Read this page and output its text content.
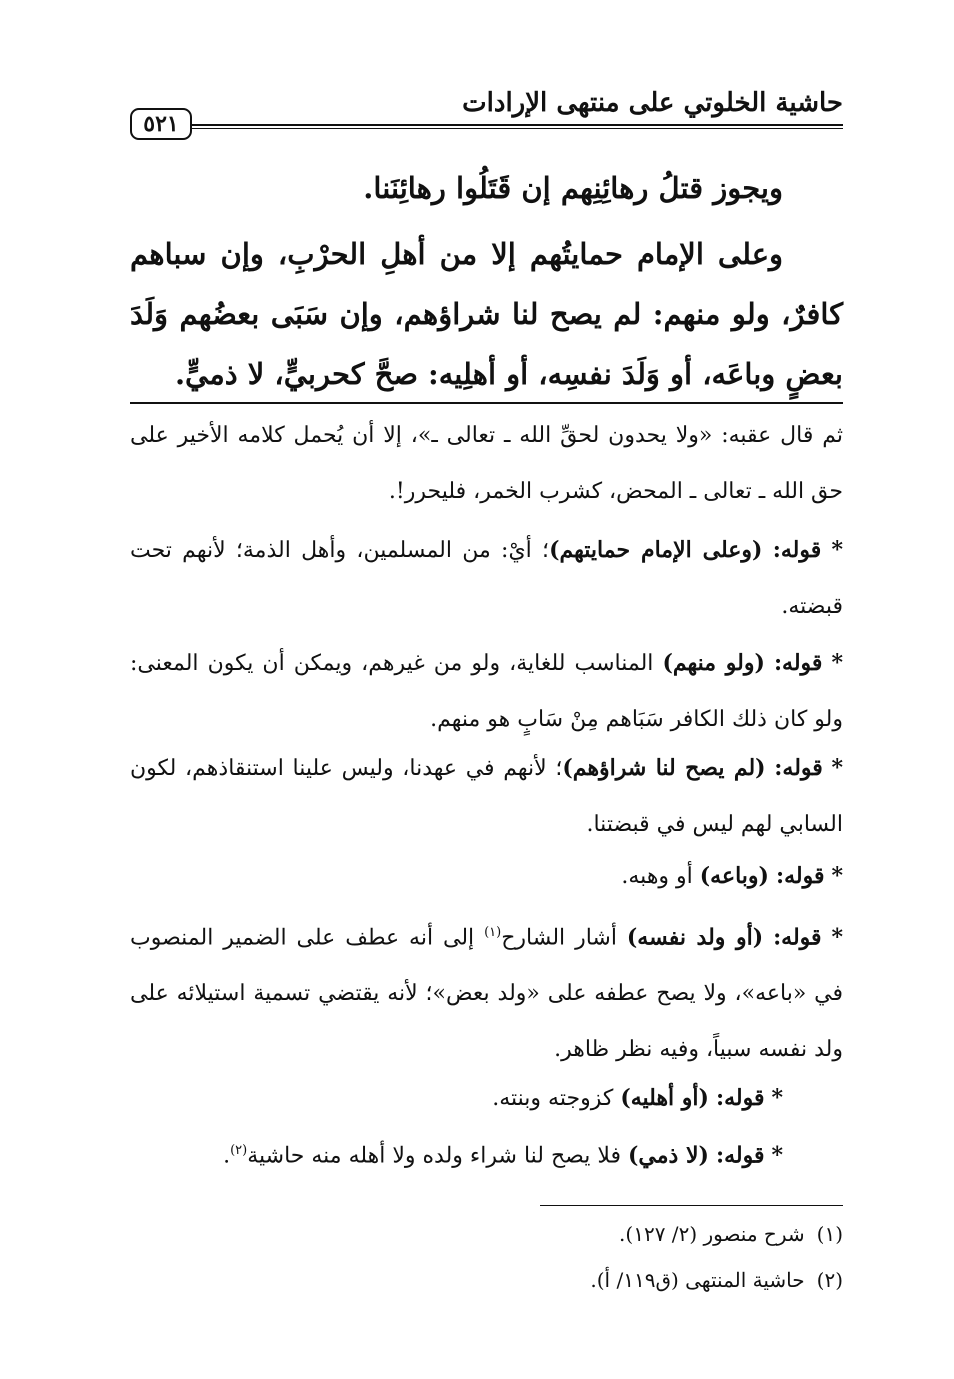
حاشية الخلوتي على منتهى الإرادات
٥٢١

ويجوز قتلُ رهائِنِهم إن قَتَلُوا رهائِنَنا.

وعلى الإمام حمايتُهم إلا من أهلِ الحرْبِ، وإن سباهم كافرٌ، ولو منهم: لم يصح لنا شراؤهم، وإن سَبَى بعضُهم وَلَدَ بعضٍ وباعَه، أو وَلَدَ نفسِه، أو أهلِيه: صحَّ كحربيٍّ، لا ذميٍّ.

ثم قال عقبه: «ولا يحدون لحقِّ الله ـ تعالى ـ»، إلا أن يُحمل كلامه الأخير على حق الله ـ تعالى ـ المحض، كشرب الخمر، فليحرر!.

* قوله: (وعلى الإمام حمايتهم)؛ أيْ: من المسلمين، وأهل الذمة؛ لأنهم تحت قبضته.

* قوله: (ولو منهم) المناسب للغاية، ولو من غيرهم، ويمكن أن يكون المعنى: ولو كان ذلك الكافر سَبَاهم مِنْ سَابٍ هو منهم.

* قوله: (لم يصح لنا شراؤهم)؛ لأنهم في عهدنا، وليس علينا استنقاذهم، لكون السابي لهم ليس في قبضتنا.

* قوله: (وباعه) أو وهبه.

* قوله: (أو ولد نفسه) أشار الشارح$^{(١)}$ إلى أنه عطف على الضمير المنصوب في «باعه»، ولا يصح عطفه على «ولد بعض»؛ لأنه يقتضي تسمية استيلائه على ولد نفسه سبياً، وفيه نظر ظاهر.

* قوله: (أو أهليه) كزوجته وبنته.

* قوله: (لا ذمي) فلا يصح لنا شراء ولده ولا أهله منه حاشية$^{(٢)}$.

(١)شرح منصور (٢/ ١٢٧).
(٢)حاشية المنتهى (ق١١٩/ أ).
